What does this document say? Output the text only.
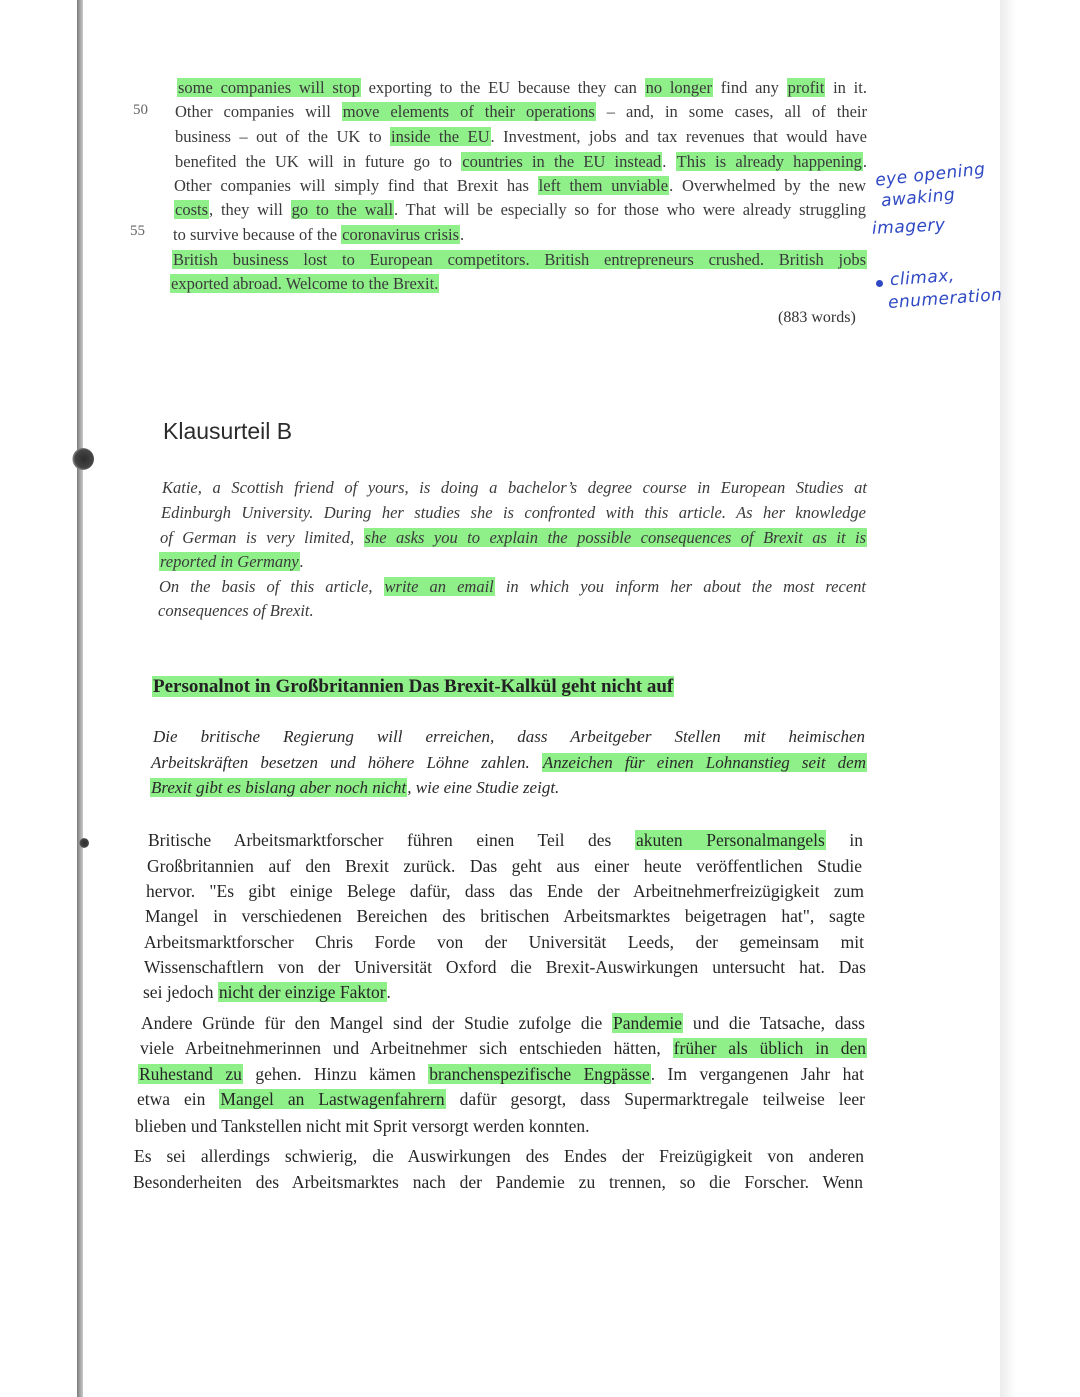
50
55
some companies will stop exporting to the EU because they can no longer find any profit in it.
Other companies will move elements of their operations – and, in some cases, all of their
business – out of the UK to inside the EU. Investment, jobs and tax revenues that would have
benefited the UK will in future go to countries in the EU instead. This is already happening.
Other companies will simply find that Brexit has left them unviable. Overwhelmed by the new
costs, they will go to the wall. That will be especially so for those who were already struggling
to survive because of the coronavirus crisis.
British business lost to European competitors. British entrepreneurs crushed. British jobs
exported abroad. Welcome to the Brexit.
(883 words)
eye opening
awaking
imagery
climax,
enumeration
Klausurteil B
Katie, a Scottish friend of yours, is doing a bachelor’s degree course in European Studies at
Edinburgh University. During her studies she is confronted with this article. As her knowledge
of German is very limited, she asks you to explain the possible consequences of Brexit as it is
reported in Germany.
On the basis of this article, write an email in which you inform her about the most recent
consequences of Brexit.
Personalnot in Großbritannien Das Brexit-Kalkül geht nicht auf
Die britische Regierung will erreichen, dass Arbeitgeber Stellen mit heimischen
Arbeitskräften besetzen und höhere Löhne zahlen. Anzeichen für einen Lohnanstieg seit dem
Brexit gibt es bislang aber noch nicht, wie eine Studie zeigt.
Britische Arbeitsmarktforscher führen einen Teil des akuten Personalmangels in
Großbritannien auf den Brexit zurück. Das geht aus einer heute veröffentlichen Studie
hervor. "Es gibt einige Belege dafür, dass das Ende der Arbeitnehmerfreizügigkeit zum
Mangel in verschiedenen Bereichen des britischen Arbeitsmarktes beigetragen hat", sagte
Arbeitsmarktforscher Chris Forde von der Universität Leeds, der gemeinsam mit
Wissenschaftlern von der Universität Oxford die Brexit-Auswirkungen untersucht hat. Das
sei jedoch nicht der einzige Faktor.
Andere Gründe für den Mangel sind der Studie zufolge die Pandemie und die Tatsache, dass
viele Arbeitnehmerinnen und Arbeitnehmer sich entschieden hätten, früher als üblich in den
Ruhestand zu gehen. Hinzu kämen branchenspezifische Engpässe. Im vergangenen Jahr hat
etwa ein Mangel an Lastwagenfahrern dafür gesorgt, dass Supermarktregale teilweise leer
blieben und Tankstellen nicht mit Sprit versorgt werden konnten.
Es sei allerdings schwierig, die Auswirkungen des Endes der Freizügigkeit von anderen
Besonderheiten des Arbeitsmarktes nach der Pandemie zu trennen, so die Forscher. Wenn
